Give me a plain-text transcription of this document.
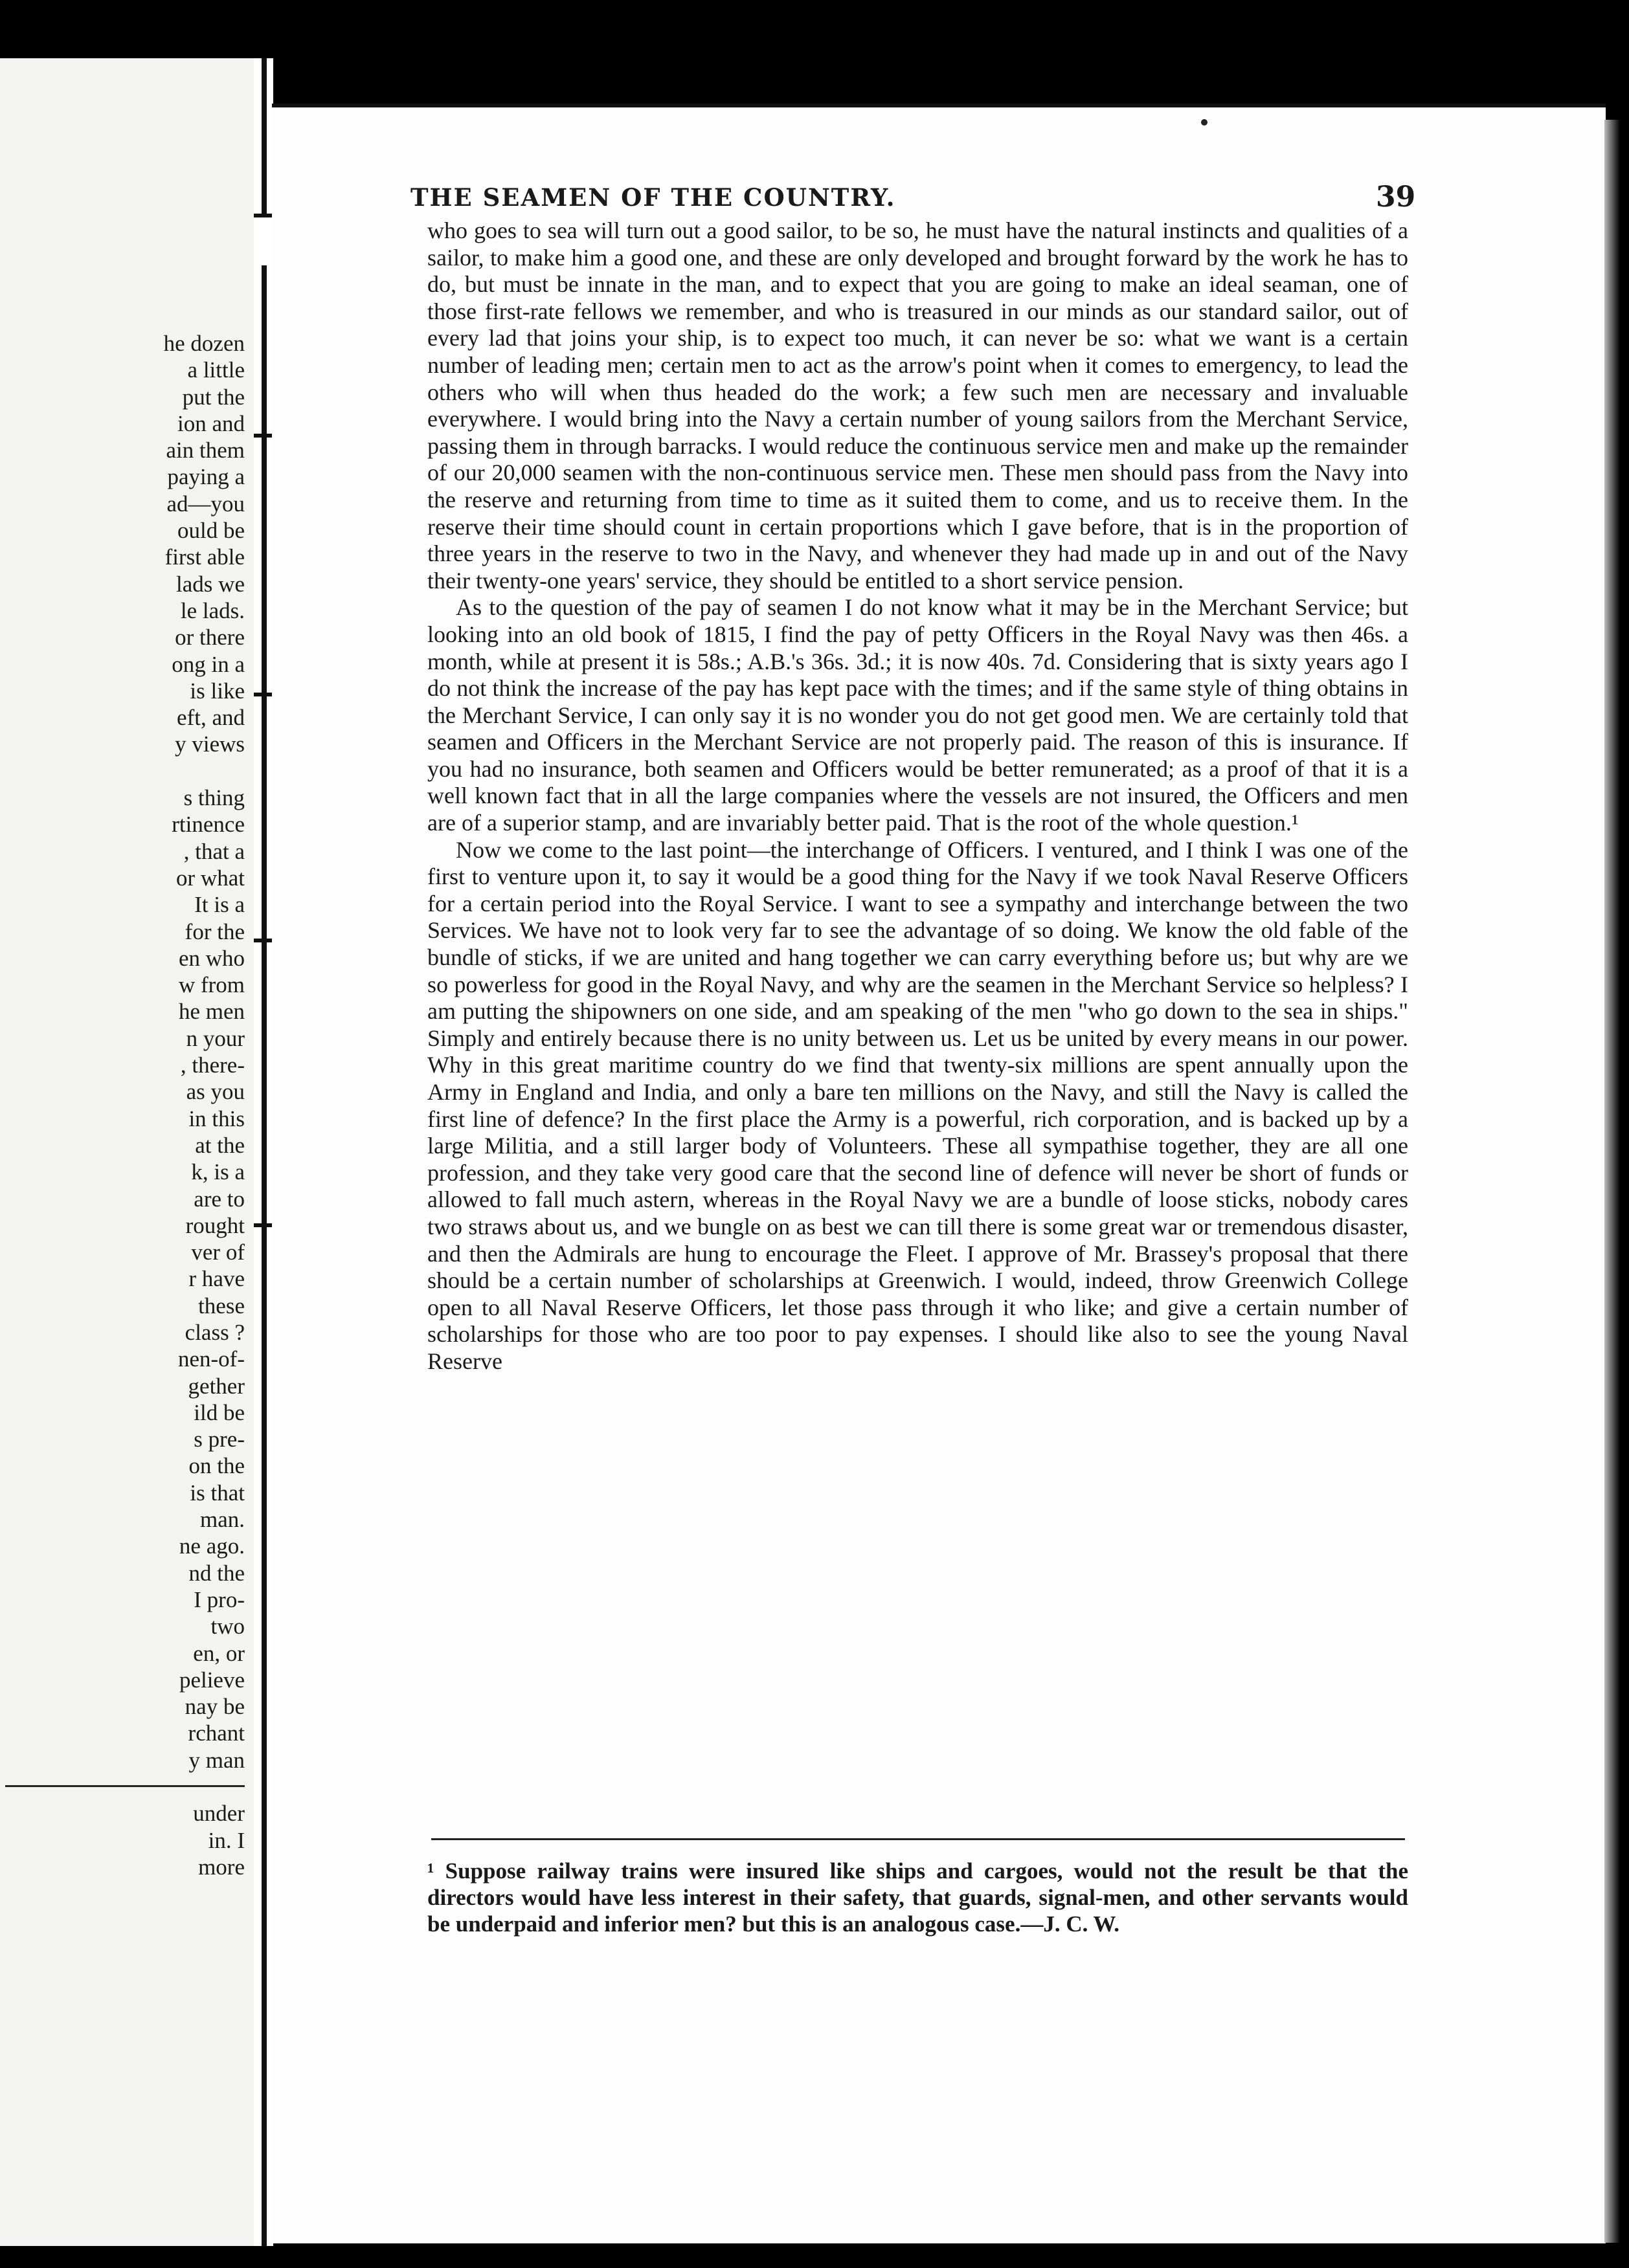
he dozen
a little
put the
ion and
ain them
paying a
ad—you
ould be
first able
lads we
le lads.
or there
ong in a
is like
eft, and
y views
s thing
rtinence
, that a
or what
It is a
for the
en who
w from
he men
n your
, there-
as you
in this
at the
k, is a
are to
rought
ver of
r have
these
class ?
nen-of-
gether
ild be
s pre-
on the
is that
man.
ne ago.
nd the
I pro-
two
en, or
pelieve
nay be
rchant
y man
under
in. I
more
THE SEAMEN OF THE COUNTRY.	39

who goes to sea will turn out a good sailor, to be so, he must have the natural instincts and qualities of a sailor, to make him a good one, and these are only developed and brought forward by the work he has to do, but must be innate in the man, and to expect that you are going to make an ideal seaman, one of those first-rate fellows we remember, and who is treasured in our minds as our standard sailor, out of every lad that joins your ship, is to expect too much, it can never be so: what we want is a certain number of leading men; certain men to act as the arrow's point when it comes to emergency, to lead the others who will when thus headed do the work; a few such men are necessary and invaluable everywhere. I would bring into the Navy a certain number of young sailors from the Merchant Service, passing them in through barracks. I would reduce the continuous service men and make up the remainder of our 20,000 seamen with the non-continuous service men. These men should pass from the Navy into the reserve and returning from time to time as it suited them to come, and us to receive them. In the reserve their time should count in certain proportions which I gave before, that is in the proportion of three years in the reserve to two in the Navy, and whenever they had made up in and out of the Navy their twenty-one years' service, they should be entitled to a short service pension.

As to the question of the pay of seamen I do not know what it may be in the Merchant Service; but looking into an old book of 1815, I find the pay of petty Officers in the Royal Navy was then 46s. a month, while at present it is 58s.; A.B.'s 36s. 3d.; it is now 40s. 7d. Considering that is sixty years ago I do not think the increase of the pay has kept pace with the times; and if the same style of thing obtains in the Merchant Service, I can only say it is no wonder you do not get good men. We are certainly told that seamen and Officers in the Merchant Service are not properly paid. The reason of this is insurance. If you had no insurance, both seamen and Officers would be better remunerated; as a proof of that it is a well known fact that in all the large companies where the vessels are not insured, the Officers and men are of a superior stamp, and are invariably better paid. That is the root of the whole question.¹

Now we come to the last point—the interchange of Officers. I ventured, and I think I was one of the first to venture upon it, to say it would be a good thing for the Navy if we took Naval Reserve Officers for a certain period into the Royal Service. I want to see a sympathy and interchange between the two Services. We have not to look very far to see the advantage of so doing. We know the old fable of the bundle of sticks, if we are united and hang together we can carry everything before us; but why are we so powerless for good in the Royal Navy, and why are the seamen in the Merchant Service so helpless? I am putting the shipowners on one side, and am speaking of the men "who go down to the sea in ships." Simply and entirely because there is no unity between us. Let us be united by every means in our power. Why in this great maritime country do we find that twenty-six millions are spent annually upon the Army in England and India, and only a bare ten millions on the Navy, and still the Navy is called the first line of defence? In the first place the Army is a powerful, rich corporation, and is backed up by a large Militia, and a still larger body of Volunteers. These all sympathise together, they are all one profession, and they take very good care that the second line of defence will never be short of funds or allowed to fall much astern, whereas in the Royal Navy we are a bundle of loose sticks, nobody cares two straws about us, and we bungle on as best we can till there is some great war or tremendous disaster, and then the Admirals are hung to encourage the Fleet. I approve of Mr. Brassey's proposal that there should be a certain number of scholarships at Greenwich. I would, indeed, throw Greenwich College open to all Naval Reserve Officers, let those pass through it who like; and give a certain number of scholarships for those who are too poor to pay expenses. I should like also to see the young Naval Reserve

¹ Suppose railway trains were insured like ships and cargoes, would not the result be that the directors would have less interest in their safety, that guards, signal-men, and other servants would be underpaid and inferior men? but this is an analogous case.—J. C. W.
